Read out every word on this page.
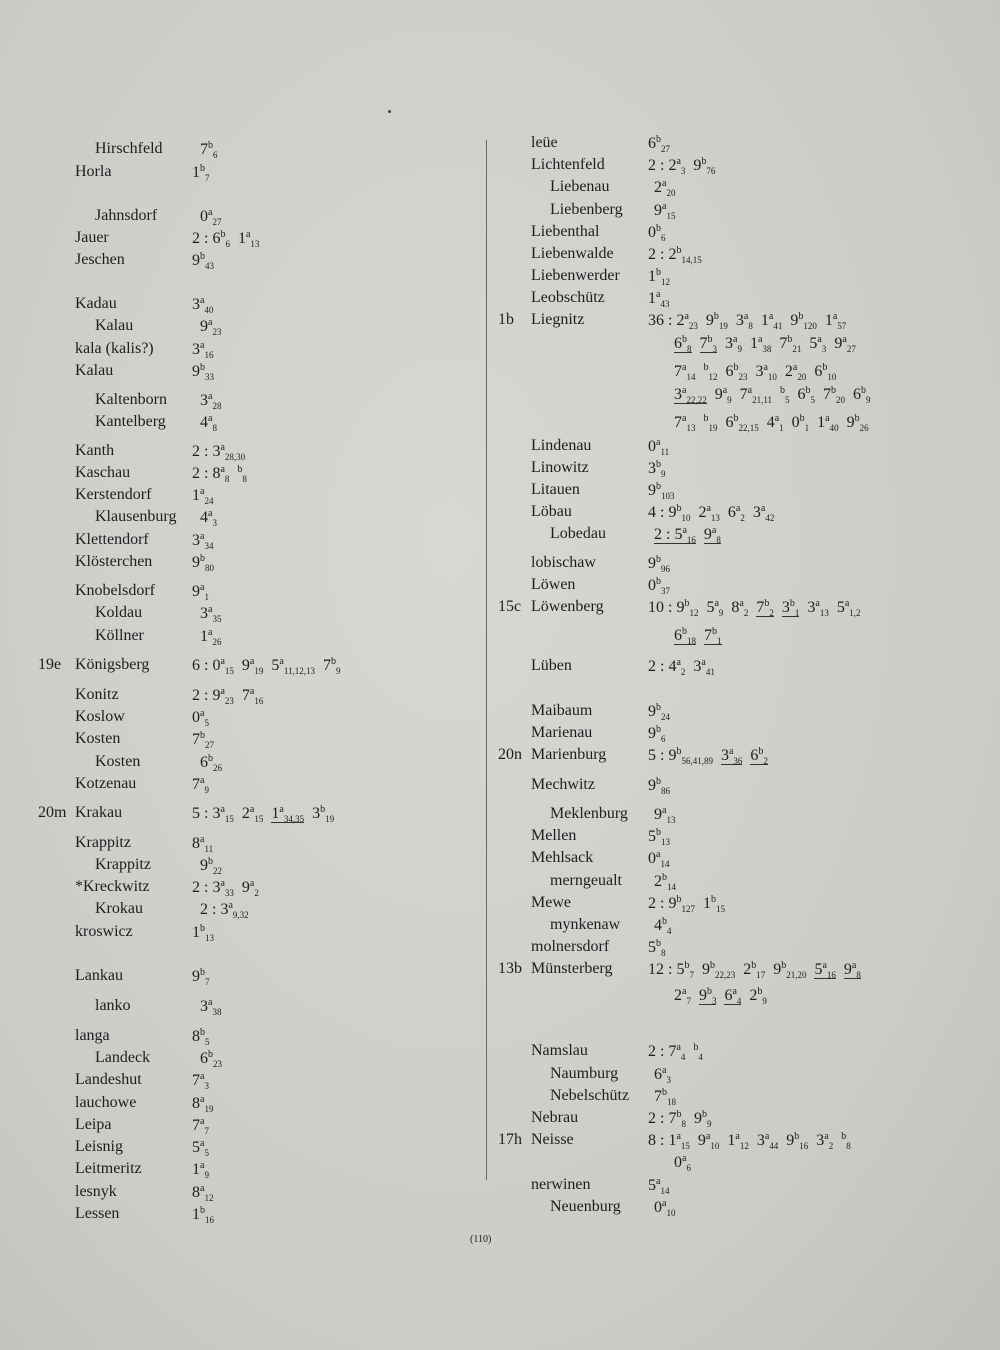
Hirschfeld $7^b_6$
Horla	$1^b_7$
Jahnsdorf	$0^a_{27}$
Jauer	2 : $6^b_6$ $1^a_{13}$
Jeschen	$9^b_{43}$
Kadau	$3^a_{40}$
Kalau	$9^a_{23}$
kala (kalis?) $3^a_{16}$
Kalau	$9^b_{33}$
Kaltenborn $3^a_{28}$
Kantelberg $4^a_8$
Kanth	2 : $3^a_{28,30}$
Kaschau	2 : $8^a_8^b_8$
Kerstendorf	$1^a_{24}$
Klausenburg $4^a_3$
Klettendorf	$3^a_{34}$
Klösterchen $9^b_{80}$
Knobelsdorf $9^a_1$
Koldau	$3^a_{35}$
Köllner	$1^a_{26}$
19e Königsberg	6 : $0^a_{15}$ $9^a_{19}$ $5^a_{11,12,13}$ $7^b_9$
Konitz	2 : $9^a_{23}$ $7^a_{16}$
Koslow	$0^a_5$
Kosten	$7^b_{27}$
Kosten	$6^b_{26}$
Kotzenau	$7^a_9$
20m Krakau	5 : $3^a_{15}$ $2^a_{15}$ $1^a_{34,35}$ $3^b_{19}$
Krappitz	$8^a_{11}$
Krappitz	$9^b_{22}$
*Kreckwitz	2 : $3^a_{33}$ $9^a_2$
Krokau	2 : $3^a_{9,32}$
kroswicz	$1^b_{13}$
Lankau	$9^b_7$
lanko	$3^a_{38}$
langa	$8^b_5$
Landeck	$6^b_{23}$
Landeshut	$7^a_3$
lauchowe	$8^a_{19}$
Leipa	$7^a_7$
Leisnig	$5^a_5$
Leitmeritz	$1^a_9$
lesnyk	$8^a_{12}$
Lessen	$1^b_{16}$
leüe	$6^b_{27}$
Lichtenfeld	2 : $2^a_3$ $9^b_{76}$
Liebenau	$2^a_{20}$
Liebenberg $9^a_{15}$
Liebenthal	$0^b_6$
Liebenwalde 2 : $2^b_{14,15}$
Liebenwerder $1^b_{12}$
Leobschütz	$1^a_{43}$
1b Liegnitz	36 : $2^a_{23}$ $9^b_{19}$ $3^a_8$ $1^a_{41}$ $9^b_{120}$ $1^a_{57}$
$6^b_8$ $7^b_3$ $3^a_9$ $1^a_{38}$ $7^b_{21}$ $5^a_3$ $9^a_{27}$
$7^a_{14}^b_{12}$ $6^b_{23}$ $3^a_{10}$ $2^a_{20}$ $6^b_{10}$
$3^a_{22,22}$ $9^a_9$ $7^a_{21,11}^b_5$ $6^b_5$ $7^b_{20}$ $6^b_9$
$7^a_{13}^b_{19}$ $6^b_{22,15}$ $4^a_1$ $0^b_1$ $1^a_{40}$ $9^b_{26}$
Lindenau	$0^a_{11}$
Linowitz	$3^b_9$
Litauen	$9^b_{103}$
Löbau	4 : $9^b_{10}$ $2^a_{13}$ $6^a_2$ $3^a_{42}$
Lobedau	2 : $5^a_{16}$ $9^a_8$
lobischaw	$9^b_{96}$
Löwen	$0^b_{37}$
15c Löwenberg	10 : $9^b_{12}$ $5^a_9$ $8^a_2$ $7^b_2$ $3^b_1$ $3^a_{13}$ $5^a_{1,2}$
$6^b_{18}$ $7^b_1$
Lüben	2 : $4^a_2$ $3^a_{41}$
Maibaum	$9^b_{24}$
Marienau	$9^b_6$
20n Marienburg	5 : $9^b_{56,41,89}$ $3^a_{36}$ $6^b_2$
Mechwitz	$9^b_{86}$
Meklenburg $9^a_{13}$
Mellen	$5^b_{13}$
Mehlsack	$0^a_{14}$
merngeualt $2^b_{14}$
Mewe	2 : $9^b_{127}$ $1^b_{15}$
mynkenaw $4^b_4$
molnersdorf $5^b_8$
13b Münsterberg 12 : $5^b_7$ $9^b_{22,23}$ $2^b_{17}$ $9^b_{21,20}$ $5^a_{16}$ $9^a_8$
$2^a_7$ $9^b_3$ $6^a_4$ $2^b_9$
Namslau	2 : $7^a_4^b_4$
Naumburg $6^a_3$
Nebelschütz $7^b_{18}$
Nebrau	2 : $7^b_8$ $9^b_9$
17h Neisse	8 : $1^a_{15}$ $9^a_{10}$ $1^a_{12}$ $3^a_{44}$ $9^b_{16}$ $3^a_2^b_8$
$0^a_6$
nerwinen	$5^a_{14}$
Neuenburg $0^a_{10}$
(110)
